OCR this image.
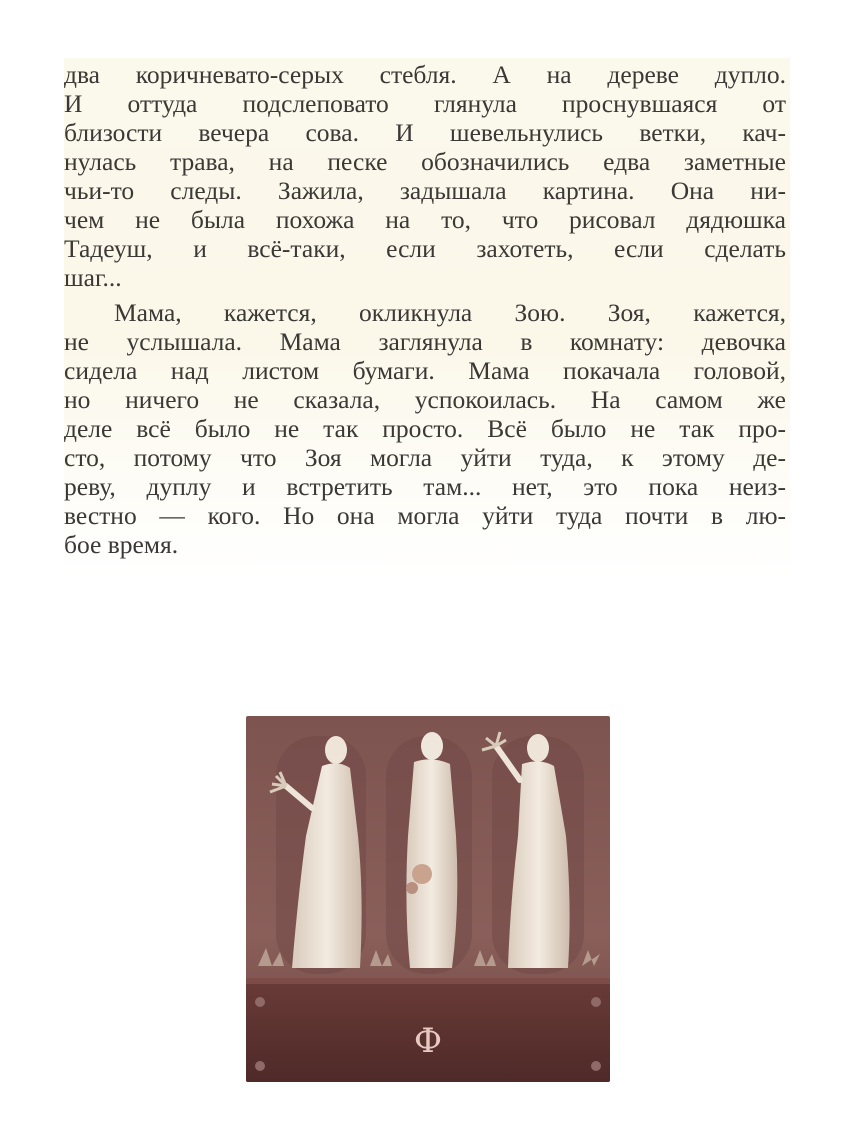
два коричневато-серых стебля. А на дереве дупло.
И оттуда подслеповато глянула проснувшаяся от
близости вечера сова. И шевельнулись ветки, кач-
нулась трава, на песке обозначились едва заметные
чьи-то следы. Зажила, задышала картина. Она ни-
чем не была похожа на то, что рисовал дядюшка
Тадеуш, и всё-таки, если захотеть, если сделать
шаг...
Мама, кажется, окликнула Зою. Зоя, кажется,
не услышала. Мама заглянула в комнату: девочка
сидела над листом бумаги. Мама покачала головой,
но ничего не сказала, успокоилась. На самом же
деле всё было не так просто. Всё было не так про-
сто, потому что Зоя могла уйти туда, к этому де-
реву, дуплу и встретить там... нет, это пока неиз-
вестно — кого. Но она могла уйти туда почти в лю-
бое время.
Ф
